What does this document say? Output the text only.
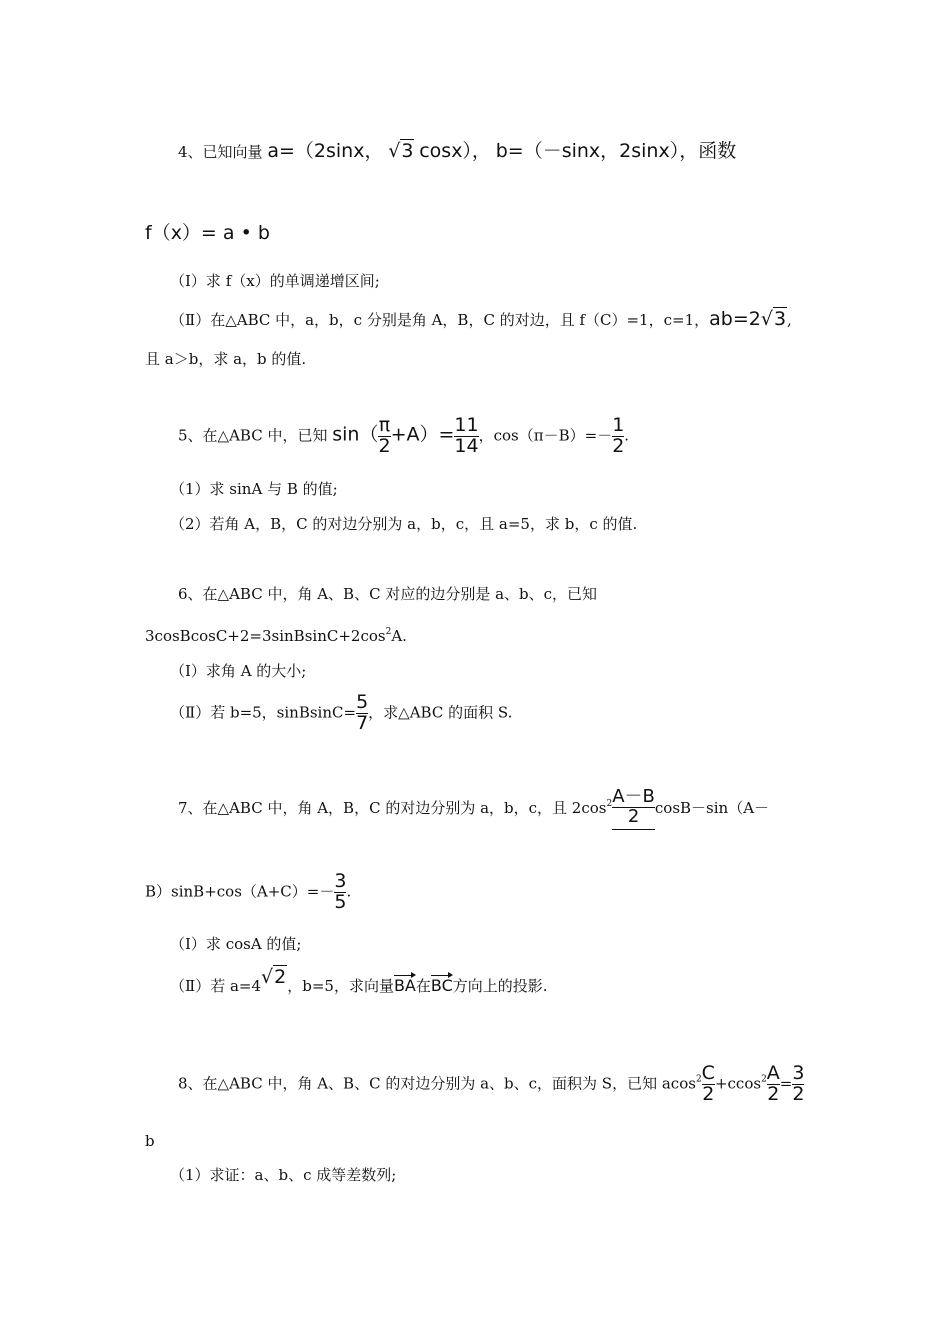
4、已知向量 a=（2sinx， √3 cosx）， b=（－sinx，2sinx），函数
f（x）= a • b
（Ⅰ）求 f（x）的单调递增区间;
（Ⅱ）在△ABC 中，a，b，c 分别是角 A，B，C 的对边，且 f（C）=1，c=1，ab=2√3,
且 a＞b，求 a，b 的值.
5、在△ABC 中，已知 $\sin( \frac{\pi}{2} +A)= \frac{11}{14}$ ，$\cos(\pi-B)=- \frac{1}{2}$ .
（1）求 sinA 与 B 的值;
（2）若角 A，B，C 的对边分别为 a，b，c，且 a=5，求 b，c 的值.
6、在△ABC 中，角 A、B、C 对应的边分别是 a、b、c，已知
$3cosBcosC+2=3sinBsinC+2\cos^2A$.
（Ⅰ）求角 A 的大小;
（Ⅱ）若 b=5，sinBsinC= $\frac{5}{7}$ ，求△ABC 的面积 S.
7、在△ABC 中，角 A，B，C 的对边分别为 a，b，c，且 $2\cos^2 \frac{A-B}{2} \cos B-\sin(A-$
$B)\sin B+\cos(A+C)=- \frac{3}{5}$ .
（Ⅰ）求 cosA 的值;
（Ⅱ）若 a=4√2，b=5，求向量BA在BC方向上的投影.
8、在△ABC 中，角 A、B、C 的对边分别为 a、b、c，面积为 S，已知 $acos^2 \frac{C}{2} +ccos^2 \frac{A}{2} = \frac{3}{2}$
b
（1）求证：a、b、c 成等差数列;
